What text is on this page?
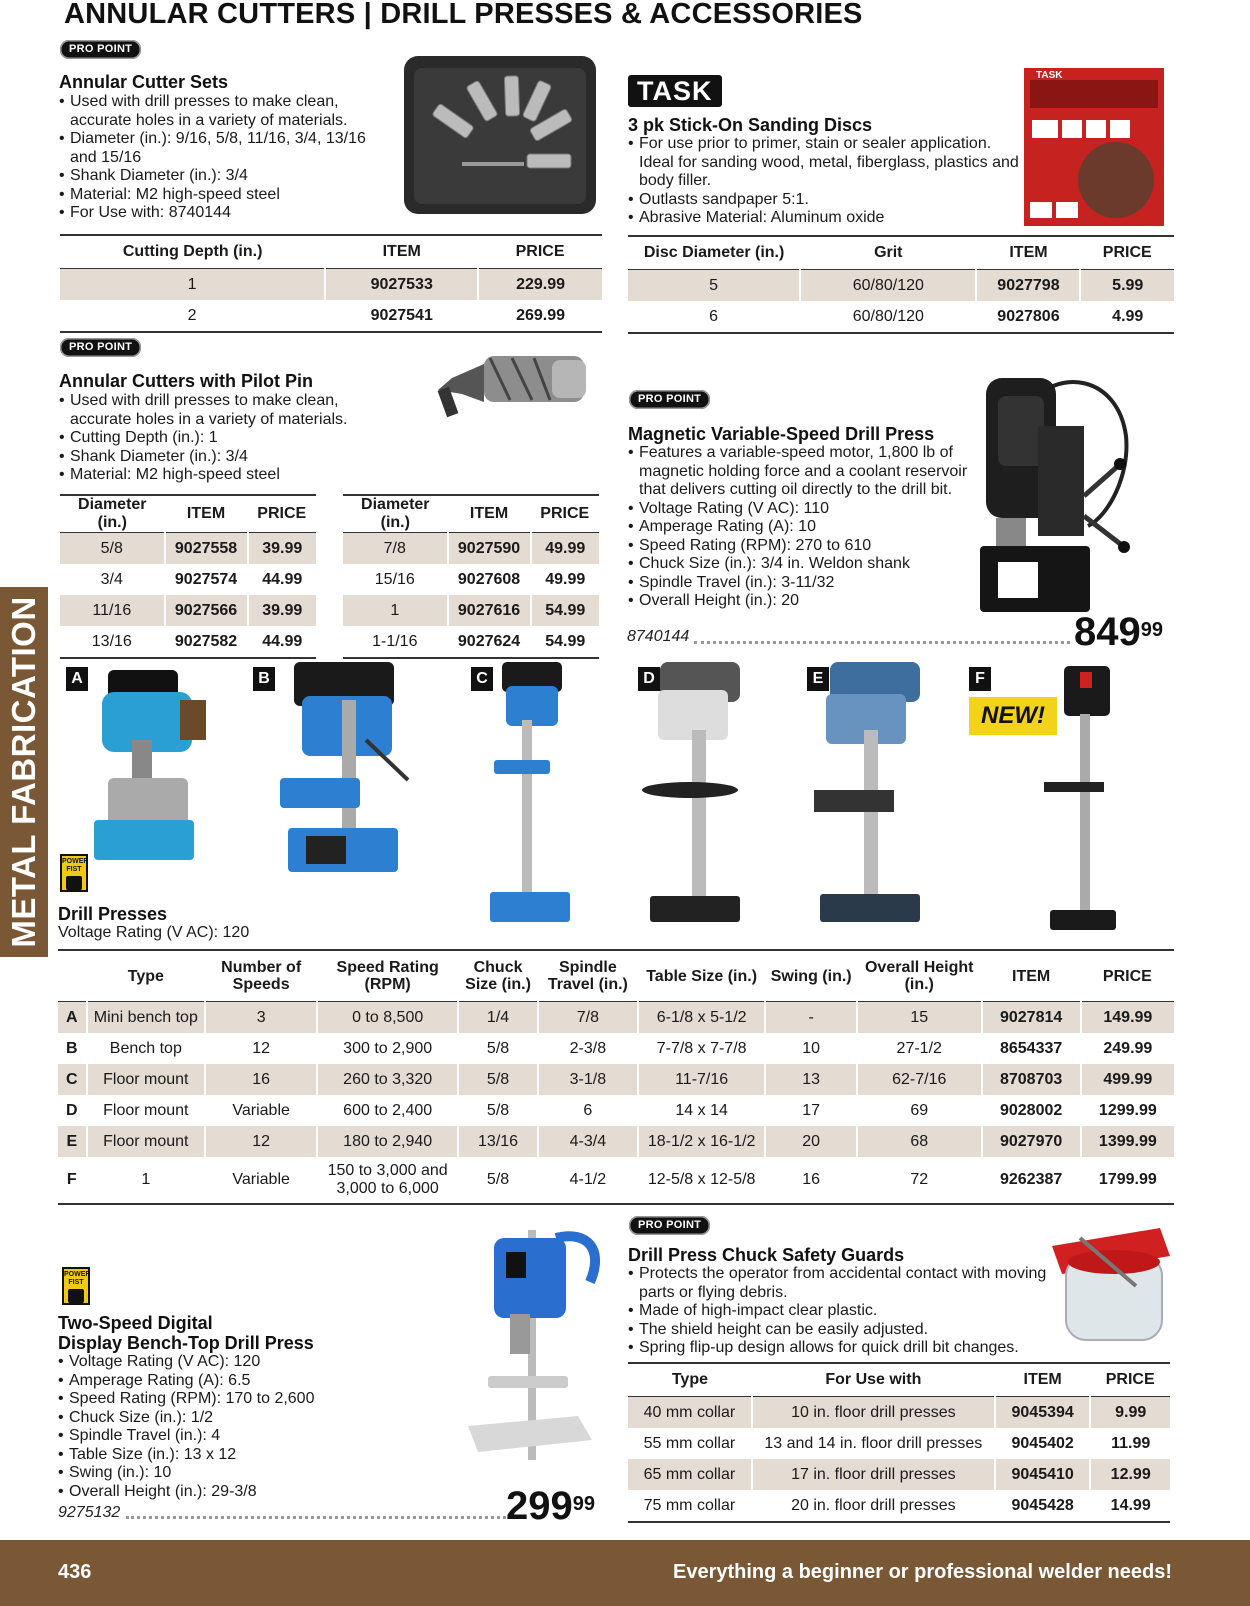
ANNULAR CUTTERS | DRILL PRESSES & ACCESSORIES
PRO POINT
Annular Cutter Sets
• Used with drill presses to make clean, accurate holes in a variety of materials.
• Diameter (in.): 9/16, 5/8, 11/16, 3/4, 13/16 and 15/16
• Shank Diameter (in.): 3/4
• Material: M2 high-speed steel
• For Use with: 8740144
Cutting Depth (in.)	ITEM	PRICE
1	9027533	229.99
2	9027541	269.99
TASK
TASK
3 pk Stick-On Sanding Discs
• For use prior to primer, stain or sealer application. Ideal for sanding wood, metal, fiberglass, plastics and body filler.
• Outlasts sandpaper 5:1.
• Abrasive Material: Aluminum oxide
Disc Diameter (in.)	Grit	ITEM	PRICE
5	60/80/120	9027798	5.99
6	60/80/120	9027806	4.99
PRO POINT
Annular Cutters with Pilot Pin
• Used with drill presses to make clean, accurate holes in a variety of materials.
• Cutting Depth (in.): 1
• Shank Diameter (in.): 3/4
• Material: M2 high-speed steel
Diameter (in.)	ITEM	PRICE
5/8	9027558	39.99
3/4	9027574	44.99
11/16	9027566	39.99
13/16	9027582	44.99
Diameter (in.)	ITEM	PRICE
7/8	9027590	49.99
15/16	9027608	49.99
1	9027616	54.99
1-1/16	9027624	54.99
PRO POINT
Magnetic Variable-Speed Drill Press
• Features a variable-speed motor, 1,800 lb of magnetic holding force and a coolant reservoir that delivers cutting oil directly to the drill bit.
• Voltage Rating (V AC): 110
• Amperage Rating (A): 10
• Speed Rating (RPM): 270 to 610
• Chuck Size (in.): 3/4 in. Weldon shank
• Spindle Travel (in.): 3-11/32
• Overall Height (in.): 20
8740144	$849^{99}$
A	B	C	D	E	F
NEW!
POWER
FIST
Drill Presses
Voltage Rating (V AC): 120
	Type	Number of Speeds	Speed Rating (RPM)	Chuck Size (in.)	Spindle Travel (in.)	Table Size (in.)	Swing (in.)	Overall Height (in.)	ITEM	PRICE
A	Mini bench top	3	0 to 8,500	1/4	7/8	6-1/8 x 5-1/2	-	15	9027814	149.99
B	Bench top	12	300 to 2,900	5/8	2-3/8	7-7/8 x 7-7/8	10	27-1/2	8654337	249.99
C	Floor mount	16	260 to 3,320	5/8	3-1/8	11-7/16	13	62-7/16	8708703	499.99
D	Floor mount	Variable	600 to 2,400	5/8	6	14 x 14	17	69	9028002	1299.99
E	Floor mount	12	180 to 2,940	13/16	4-3/4	18-1/2 x 16-1/2	20	68	9027970	1399.99
F	1	Variable	150 to 3,000 and 3,000 to 6,000	5/8	4-1/2	12-5/8 x 12-5/8	16	72	9262387	1799.99
POWER
FIST
Two-Speed Digital
Display Bench-Top Drill Press
• Voltage Rating (V AC): 120
• Amperage Rating (A): 6.5
• Speed Rating (RPM): 170 to 2,600
• Chuck Size (in.): 1/2
• Spindle Travel (in.): 4
• Table Size (in.): 13 x 12
• Swing (in.): 10
• Overall Height (in.): 29-3/8
9275132	$299^{99}$
PRO POINT
Drill Press Chuck Safety Guards
• Protects the operator from accidental contact with moving parts or flying debris.
• Made of high-impact clear plastic.
• The shield height can be easily adjusted.
• Spring flip-up design allows for quick drill bit changes.
Type	For Use with	ITEM	PRICE
40 mm collar	10 in. floor drill presses	9045394	9.99
55 mm collar	13 and 14 in. floor drill presses	9045402	11.99
65 mm collar	17 in. floor drill presses	9045410	12.99
75 mm collar	20 in. floor drill presses	9045428	14.99
METAL FABRICATION
436	Everything a beginner or professional welder needs!
